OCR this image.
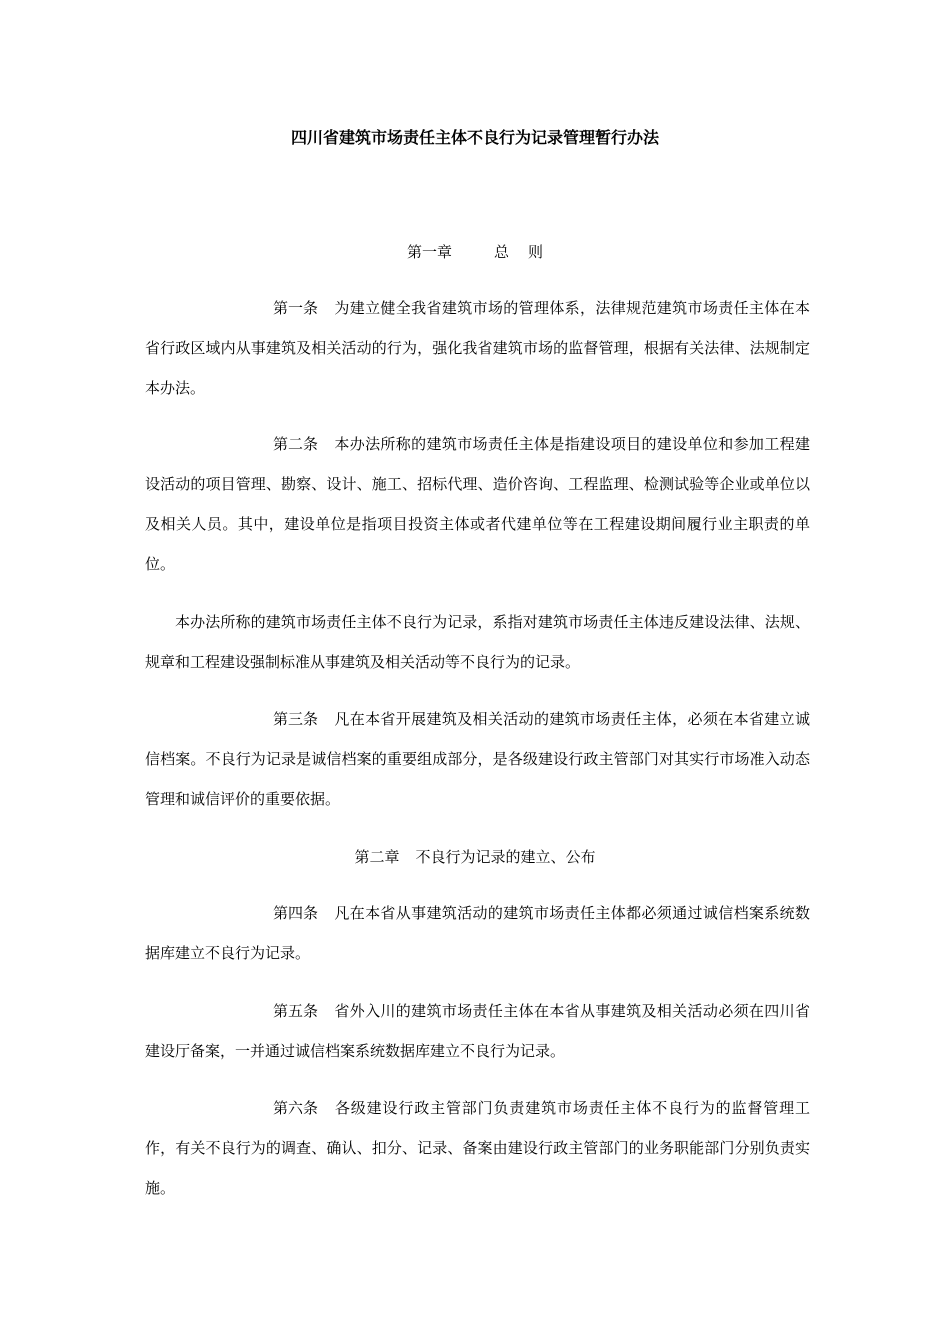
四川省建筑市场责任主体不良行为记录管理暂行办法
第一章	总    则
第一条 为建立健全我省建筑市场的管理体系，法律规范建筑市场责任主体在本省行政区域内从事建筑及相关活动的行为，强化我省建筑市场的监督管理，根据有关法律、法规制定本办法。
第二条 本办法所称的建筑市场责任主体是指建设项目的建设单位和参加工程建设活动的项目管理、勘察、设计、施工、招标代理、造价咨询、工程监理、检测试验等企业或单位以及相关人员。其中，建设单位是指项目投资主体或者代建单位等在工程建设期间履行业主职责的单位。
本办法所称的建筑市场责任主体不良行为记录，系指对建筑市场责任主体违反建设法律、法规、规章和工程建设强制标准从事建筑及相关活动等不良行为的记录。
第三条 凡在本省开展建筑及相关活动的建筑市场责任主体，必须在本省建立诚信档案。不良行为记录是诚信档案的重要组成部分，是各级建设行政主管部门对其实行市场准入动态管理和诚信评价的重要依据。
第二章 不良行为记录的建立、公布
第四条 凡在本省从事建筑活动的建筑市场责任主体都必须通过诚信档案系统数据库建立不良行为记录。
第五条 省外入川的建筑市场责任主体在本省从事建筑及相关活动必须在四川省建设厅备案，一并通过诚信档案系统数据库建立不良行为记录。
第六条 各级建设行政主管部门负责建筑市场责任主体不良行为的监督管理工作，有关不良行为的调查、确认、扣分、记录、备案由建设行政主管部门的业务职能部门分别负责实施。
